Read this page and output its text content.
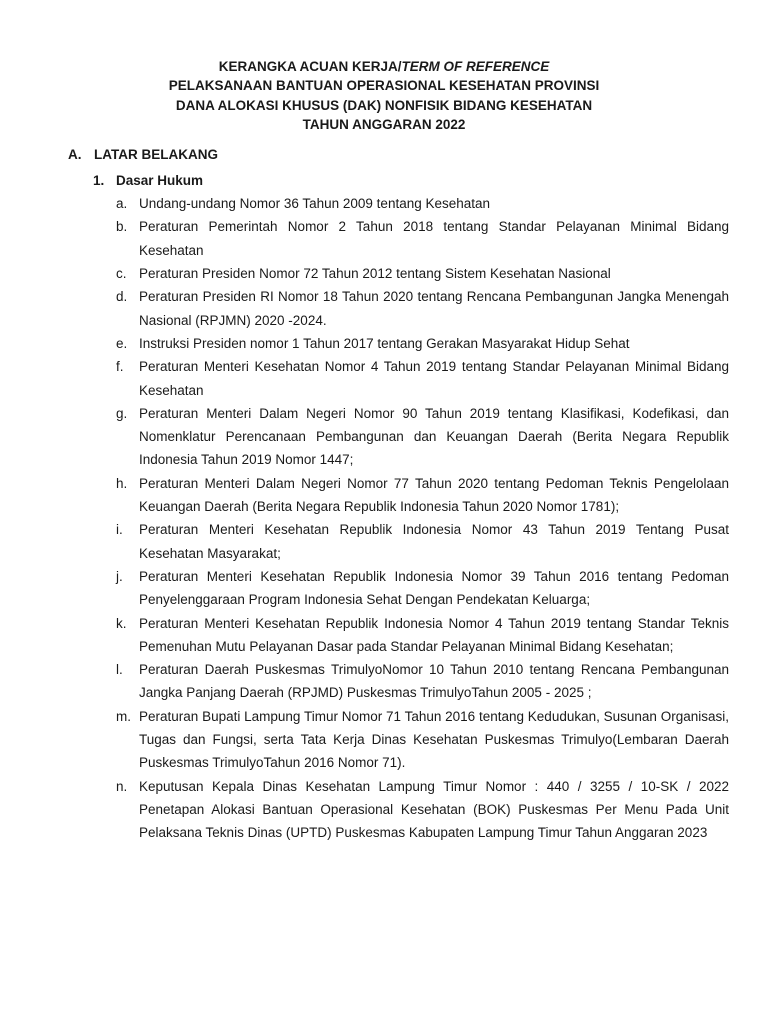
KERANGKA ACUAN KERJA/TERM OF REFERENCE
PELAKSANAAN BANTUAN OPERASIONAL KESEHATAN PROVINSI
DANA ALOKASI KHUSUS (DAK) NONFISIK BIDANG KESEHATAN
TAHUN ANGGARAN 2022
A. LATAR BELAKANG
1. Dasar Hukum
a. Undang-undang Nomor 36 Tahun 2009 tentang Kesehatan
b. Peraturan Pemerintah Nomor 2 Tahun 2018 tentang Standar Pelayanan Minimal Bidang Kesehatan
c. Peraturan Presiden Nomor 72 Tahun 2012 tentang Sistem Kesehatan Nasional
d. Peraturan Presiden RI Nomor 18 Tahun 2020 tentang Rencana Pembangunan Jangka Menengah Nasional (RPJMN) 2020 -2024.
e. Instruksi Presiden nomor 1 Tahun 2017 tentang Gerakan Masyarakat Hidup Sehat
f. Peraturan Menteri Kesehatan Nomor 4 Tahun 2019 tentang Standar Pelayanan Minimal Bidang Kesehatan
g. Peraturan Menteri Dalam Negeri Nomor 90 Tahun 2019 tentang Klasifikasi, Kodefikasi, dan Nomenklatur Perencanaan Pembangunan dan Keuangan Daerah (Berita Negara Republik Indonesia Tahun 2019 Nomor 1447;
h. Peraturan Menteri Dalam Negeri Nomor 77 Tahun 2020 tentang Pedoman Teknis Pengelolaan Keuangan Daerah (Berita Negara Republik Indonesia Tahun 2020 Nomor 1781);
i. Peraturan Menteri Kesehatan Republik Indonesia Nomor 43 Tahun 2019 Tentang Pusat Kesehatan Masyarakat;
j. Peraturan Menteri Kesehatan Republik Indonesia Nomor 39 Tahun 2016 tentang Pedoman Penyelenggaraan Program Indonesia Sehat Dengan Pendekatan Keluarga;
k. Peraturan Menteri Kesehatan Republik Indonesia Nomor 4 Tahun 2019 tentang Standar Teknis Pemenuhan Mutu Pelayanan Dasar pada Standar Pelayanan Minimal Bidang Kesehatan;
l. Peraturan Daerah Puskesmas TrimulyoNomor 10 Tahun 2010 tentang Rencana Pembangunan Jangka Panjang Daerah (RPJMD) Puskesmas TrimulyoTahun 2005 - 2025 ;
m. Peraturan Bupati Lampung Timur Nomor 71 Tahun 2016 tentang Kedudukan, Susunan Organisasi, Tugas dan Fungsi, serta Tata Kerja Dinas Kesehatan Puskesmas Trimulyo(Lembaran Daerah Puskesmas TrimulyoTahun 2016 Nomor 71).
n. Keputusan Kepala Dinas Kesehatan Lampung Timur Nomor : 440 / 3255 / 10-SK / 2022 Penetapan Alokasi Bantuan Operasional Kesehatan (BOK) Puskesmas Per Menu Pada Unit Pelaksana Teknis Dinas (UPTD) Puskesmas Kabupaten Lampung Timur Tahun Anggaran 2023
